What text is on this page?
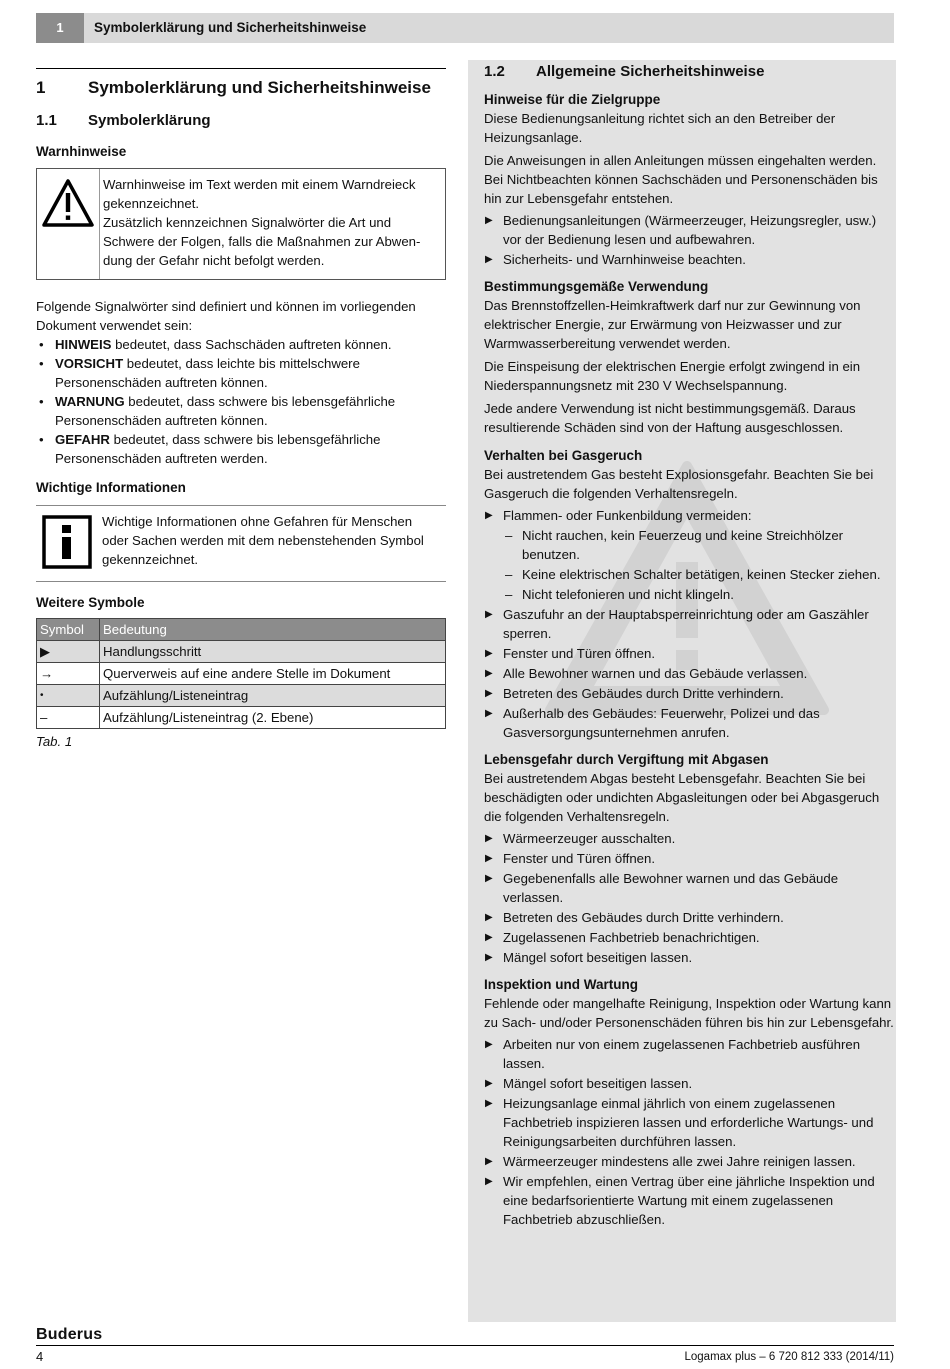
1	Symbolerklärung und Sicherheitshinweise
1	Symbolerklärung und Sicherheitshinweise
1.1	Symbolerklärung
Warnhinweise
Warnhinweise im Text werden mit einem Warndreieck
gekennzeichnet.
Zusätzlich kennzeichnen Signalwörter die Art und
Schwere der Folgen, falls die Maßnahmen zur Abwen-
dung der Gefahr nicht befolgt werden.

Folgende Signalwörter sind definiert und können im vorliegenden Dokument verwendet sein:

• HINWEIS bedeutet, dass Sachschäden auftreten können.
• VORSICHT bedeutet, dass leichte bis mittelschwere Personenschäden auftreten können.
• WARNUNG bedeutet, dass schwere bis lebensgefährliche Personenschäden auftreten können.
• GEFAHR bedeutet, dass schwere bis lebensgefährliche Personenschäden auftreten werden.
Wichtige Informationen
Wichtige Informationen ohne Gefahren für Menschen
oder Sachen werden mit dem nebenstehenden Symbol
gekennzeichnet.
Weitere Symbole
Symbol	Bedeutung
▶	Handlungsschritt
→	Querverweis auf eine andere Stelle im Dokument
•	Aufzählung/Listeneintrag
–	Aufzählung/Listeneintrag (2. Ebene)
Tab. 1
1.2	Allgemeine Sicherheitshinweise
Hinweise für die Zielgruppe

Diese Bedienungsanleitung richtet sich an den Betreiber der Heizungsanlage.

Die Anweisungen in allen Anleitungen müssen eingehalten werden. Bei Nichtbeachten können Sachschäden und Personenschäden bis hin zur Lebensgefahr entstehen.

▶ Bedienungsanleitungen (Wärmeerzeuger, Heizungsregler, usw.) vor der Bedienung lesen und aufbewahren.
▶ Sicherheits- und Warnhinweise beachten.
Bestimmungsgemäße Verwendung

Das Brennstoffzellen-Heimkraftwerk darf nur zur Gewinnung von elektrischer Energie, zur Erwärmung von Heizwasser und zur Warmwasserbereitung verwendet werden.

Die Einspeisung der elektrischen Energie erfolgt zwingend in ein Niederspannungsnetz mit 230 V Wechselspannung.

Jede andere Verwendung ist nicht bestimmungsgemäß. Daraus resultierende Schäden sind von der Haftung ausgeschlossen.

Verhalten bei Gasgeruch

Bei austretendem Gas besteht Explosionsgefahr. Beachten Sie bei Gasgeruch die folgenden Verhaltensregeln.

▶ Flammen- oder Funkenbildung vermeiden:
– Nicht rauchen, kein Feuerzeug und keine Streichhölzer benutzen.
– Keine elektrischen Schalter betätigen, keinen Stecker ziehen.
– Nicht telefonieren und nicht klingeln.
▶ Gaszufuhr an der Hauptabsperreinrichtung oder am Gaszähler sperren.
▶ Fenster und Türen öffnen.
▶ Alle Bewohner warnen und das Gebäude verlassen.
▶ Betreten des Gebäudes durch Dritte verhindern.
▶ Außerhalb des Gebäudes: Feuerwehr, Polizei und das Gasversorgungsunternehmen anrufen.
Lebensgefahr durch Vergiftung mit Abgasen

Bei austretendem Abgas besteht Lebensgefahr. Beachten Sie bei beschädigten oder undichten Abgasleitungen oder bei Abgasgeruch die folgenden Verhaltensregeln.

▶ Wärmeerzeuger ausschalten.
▶ Fenster und Türen öffnen.
▶ Gegebenenfalls alle Bewohner warnen und das Gebäude verlassen.
▶ Betreten des Gebäudes durch Dritte verhindern.
▶ Zugelassenen Fachbetrieb benachrichtigen.
▶ Mängel sofort beseitigen lassen.
Inspektion und Wartung

Fehlende oder mangelhafte Reinigung, Inspektion oder Wartung kann zu Sach- und/oder Personenschäden führen bis hin zur Lebensgefahr.

▶ Arbeiten nur von einem zugelassenen Fachbetrieb ausführen lassen.
▶ Mängel sofort beseitigen lassen.
▶ Heizungsanlage einmal jährlich von einem zugelassenen Fachbetrieb inspizieren lassen und erforderliche Wartungs- und Reinigungsarbeiten durchführen lassen.
▶ Wärmeerzeuger mindestens alle zwei Jahre reinigen lassen.
▶ Wir empfehlen, einen Vertrag über eine jährliche Inspektion und eine bedarfsorientierte Wartung mit einem zugelassenen Fachbetrieb abzuschließen.
Buderus
4	Logamax plus – 6 720 812 333 (2014/11)
